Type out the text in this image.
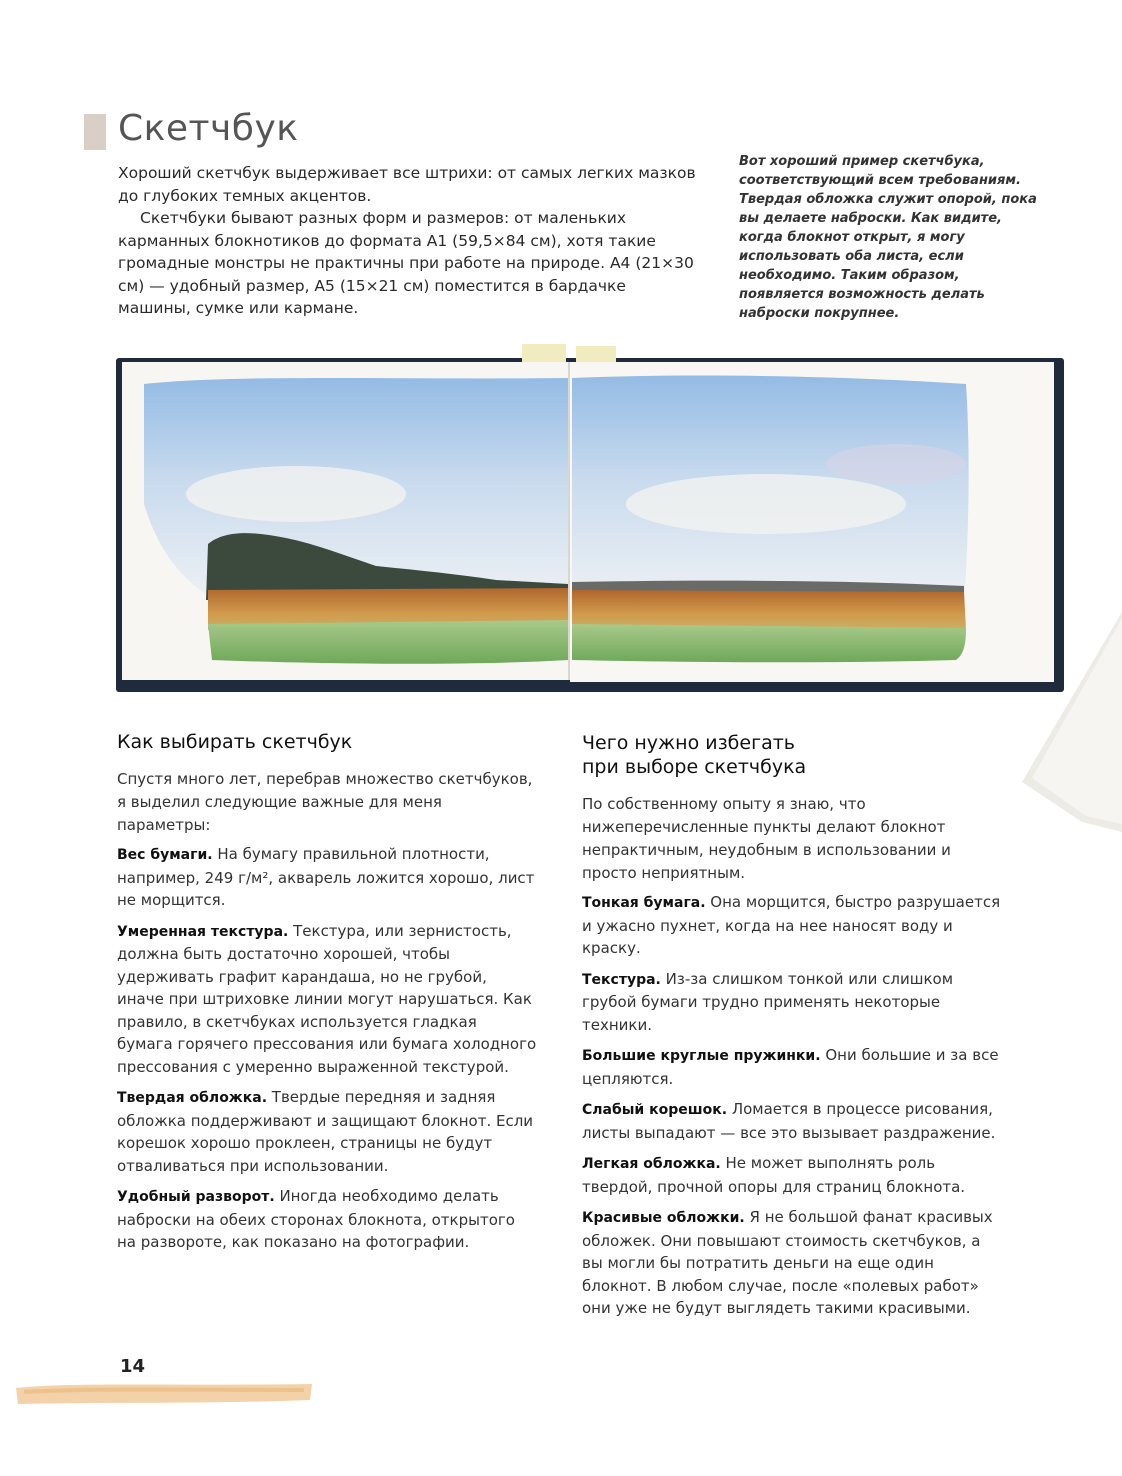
Скетчбук

Хороший скетчбук выдерживает все штрихи: от самых легких мазков до глубоких темных акцентов.

Скетчбуки бывают разных форм и размеров: от маленьких карманных блокнотиков до формата А1 (59,5×84 см), хотя такие громадные монстры не практичны при работе на природе. А4 (21×30 см) — удобный размер, А5 (15×21 см) поместится в бардачке машины, сумке или кармане.

Вот хороший пример скетчбука, соответствующий всем требованиям. Твердая обложка служит опорой, пока вы делаете наброски. Как видите, когда блокнот открыт, я могу использовать оба листа, если необходимо. Таким образом, появляется возможность делать наброски покрупнее.
Как выбирать скетчбук

Спустя много лет, перебрав множество скетчбуков, я выделил следующие важные для меня параметры:

Вес бумаги. На бумагу правильной плотности, например, 249 г/м², акварель ложится хорошо, лист не морщится.

Умеренная текстура. Текстура, или зернистость, должна быть достаточно хорошей, чтобы удерживать графит карандаша, но не грубой, иначе при штриховке линии могут нарушаться. Как правило, в скетчбуках используется гладкая бумага горячего прессования или бумага холодного прессования с умеренно выраженной текстурой.

Твердая обложка. Твердые передняя и задняя обложка поддерживают и защищают блокнот. Если корешок хорошо проклеен, страницы не будут отваливаться при использовании.

Удобный разворот. Иногда необходимо делать наброски на обеих сторонах блокнота, открытого на развороте, как показано на фотографии.

Чего нужно избегать
при выборе скетчбука

По собственному опыту я знаю, что нижеперечисленные пункты делают блокнот непрактичным, неудобным в использовании и просто неприятным.

Тонкая бумага. Она морщится, быстро разрушается и ужасно пухнет, когда на нее наносят воду и краску.

Текстура. Из-за слишком тонкой или слишком грубой бумаги трудно применять некоторые техники.

Большие круглые пружинки. Они большие и за все цепляются.

Слабый корешок. Ломается в процессе рисования, листы выпадают — все это вызывает раздражение.

Легкая обложка. Не может выполнять роль твердой, прочной опоры для страниц блокнота.

Красивые обложки. Я не большой фанат красивых обложек. Они повышают стоимость скетчбуков, а вы могли бы потратить деньги на еще один блокнот. В любом случае, после «полевых работ» они уже не будут выглядеть такими красивыми.

14
